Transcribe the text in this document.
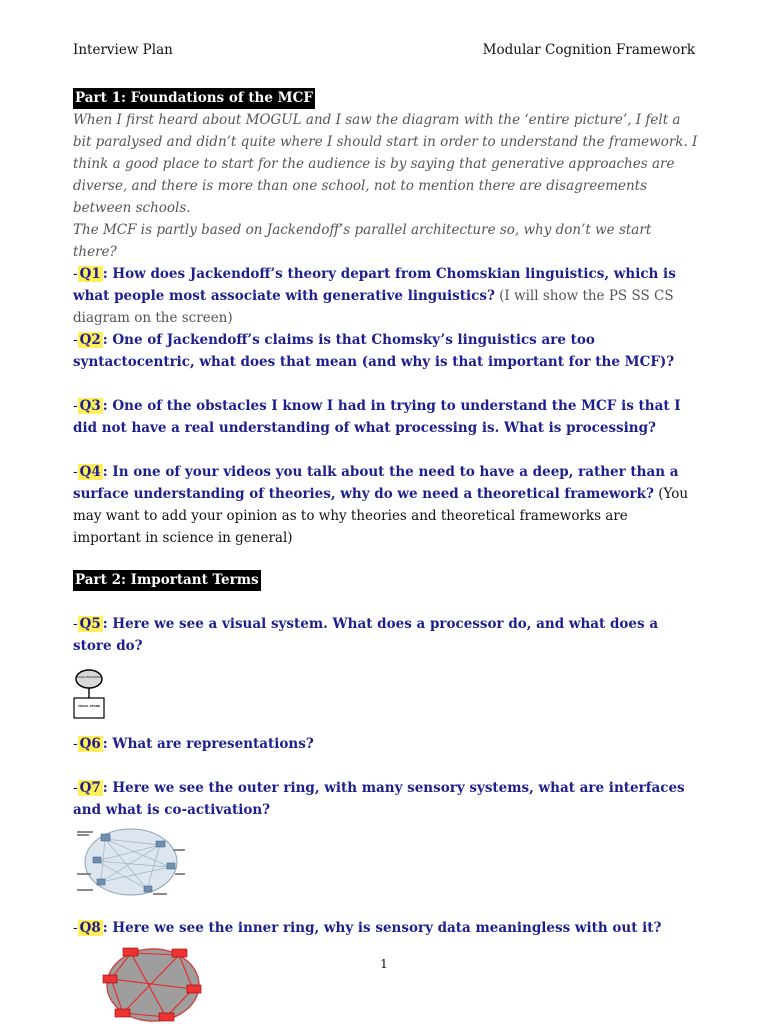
Interview Plan	Modular Cognition Framework
Part 1: Foundations of the MCF

When I first heard about MOGUL and I saw the diagram with the ‘entire picture’, I felt a bit paralysed and didn’t quite where I should start in order to understand the framework. I think a good place to start for the audience is by saying that generative approaches are diverse, and there is more than one school, not to mention there are disagreements between schools.

The MCF is partly based on Jackendoff’s parallel architecture so, why don’t we start there?

- Q1 : How does Jackendoff’s theory depart from Chomskian linguistics, which is what people most associate with generative linguistics? (I will show the PS SS CS diagram on the screen)

- Q2 : One of Jackendoff’s claims is that Chomsky’s linguistics are too syntactocentric, what does that mean (and why is that important for the MCF)?

- Q3 : One of the obstacles I know I had in trying to understand the MCF is that I did not have a real understanding of what processing is. What is processing?

- Q4 : In one of your videos you talk about the need to have a deep, rather than a surface understanding of theories, why do we need a theoretical framework? (You may want to add your opinion as to why theories and theoretical frameworks are important in science in general)

Part 2: Important Terms

- Q5 : Here we see a visual system. What does a processor do, and what does a store do?

VISUAL PROCESSOR
VISUAL STORE

- Q6 : What are representations?

- Q7 : Here we see the outer ring, with many sensory systems, what are interfaces and what is co-activation?

- Q8 : Here we see the inner ring, why is sensory data meaningless with out it?

1
